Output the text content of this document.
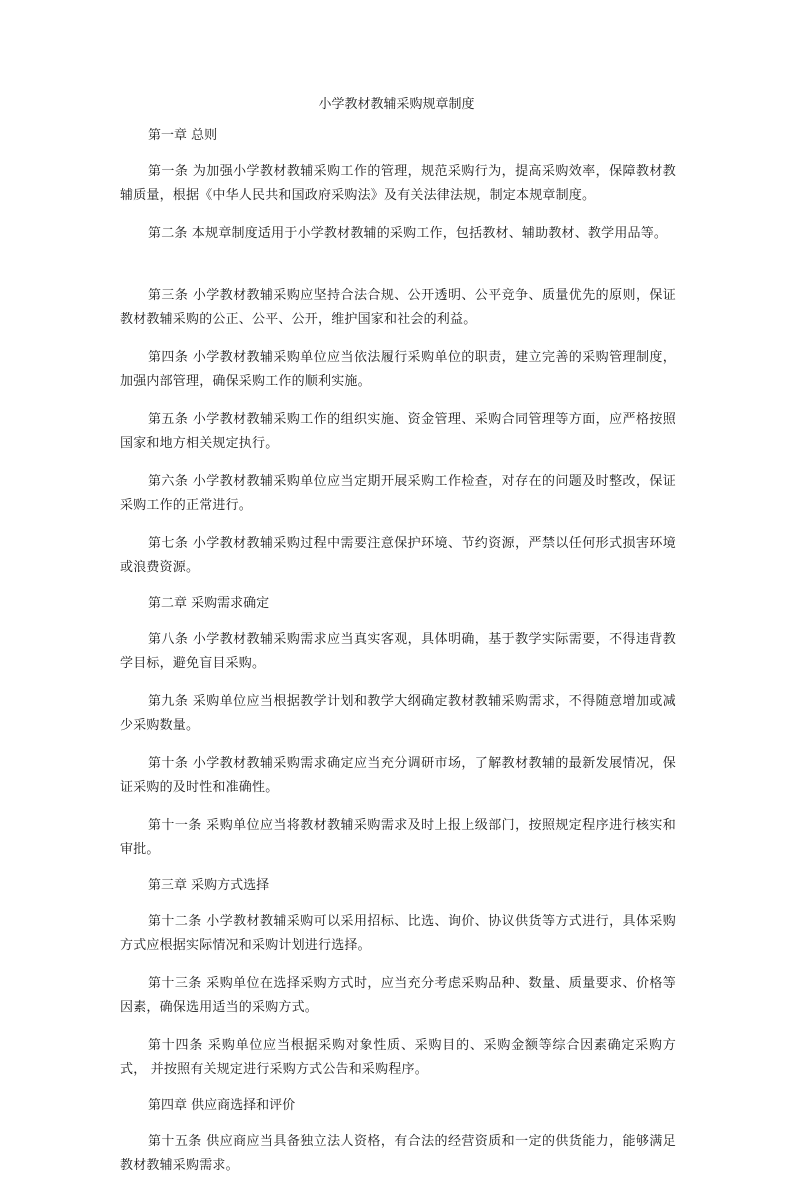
小学教材教辅采购规章制度

第一章 总则

第一条 为加强小学教材教辅采购工作的管理，规范采购行为，提高采购效率，保障教材教 辅质量，根据《中华人民共和国政府采购法》及有关法律法规，制定本规章制度。

第二条 本规章制度适用于小学教材教辅的采购工作，包括教材、辅助教材、教学用品等。

第三条 小学教材教辅采购应坚持合法合规、公开透明、公平竞争、质量优先的原则，保证 教材教辅采购的公正、公平、公开，维护国家和社会的利益。

第四条 小学教材教辅采购单位应当依法履行采购单位的职责，建立完善的采购管理制度， 加强内部管理，确保采购工作的顺利实施。

第五条 小学教材教辅采购工作的组织实施、资金管理、采购合同管理等方面，应严格按照 国家和地方相关规定执行。

第六条 小学教材教辅采购单位应当定期开展采购工作检查，对存在的问题及时整改，保证 采购工作的正常进行。

第七条 小学教材教辅采购过程中需要注意保护环境、节约资源，严禁以任何形式损害环境 或浪费资源。

第二章 采购需求确定

第八条 小学教材教辅采购需求应当真实客观，具体明确，基于教学实际需要，不得违背教 学目标，避免盲目采购。

第九条 采购单位应当根据教学计划和教学大纲确定教材教辅采购需求，不得随意增加或减 少采购数量。

第十条 小学教材教辅采购需求确定应当充分调研市场，了解教材教辅的最新发展情况，保 证采购的及时性和准确性。

第十一条 采购单位应当将教材教辅采购需求及时上报上级部门，按照规定程序进行核实和 审批。

第三章 采购方式选择

第十二条 小学教材教辅采购可以采用招标、比选、询价、协议供货等方式进行，具体采购 方式应根据实际情况和采购计划进行选择。

第十三条 采购单位在选择采购方式时，应当充分考虑采购品种、数量、质量要求、价格等 因素，确保选用适当的采购方式。

第十四条 采购单位应当根据采购对象性质、采购目的、采购金额等综合因素确定采购方式， 并按照有关规定进行采购方式公告和采购程序。

第四章 供应商选择和评价

第十五条 供应商应当具备独立法人资格，有合法的经营资质和一定的供货能力，能够满足 教材教辅采购需求。
